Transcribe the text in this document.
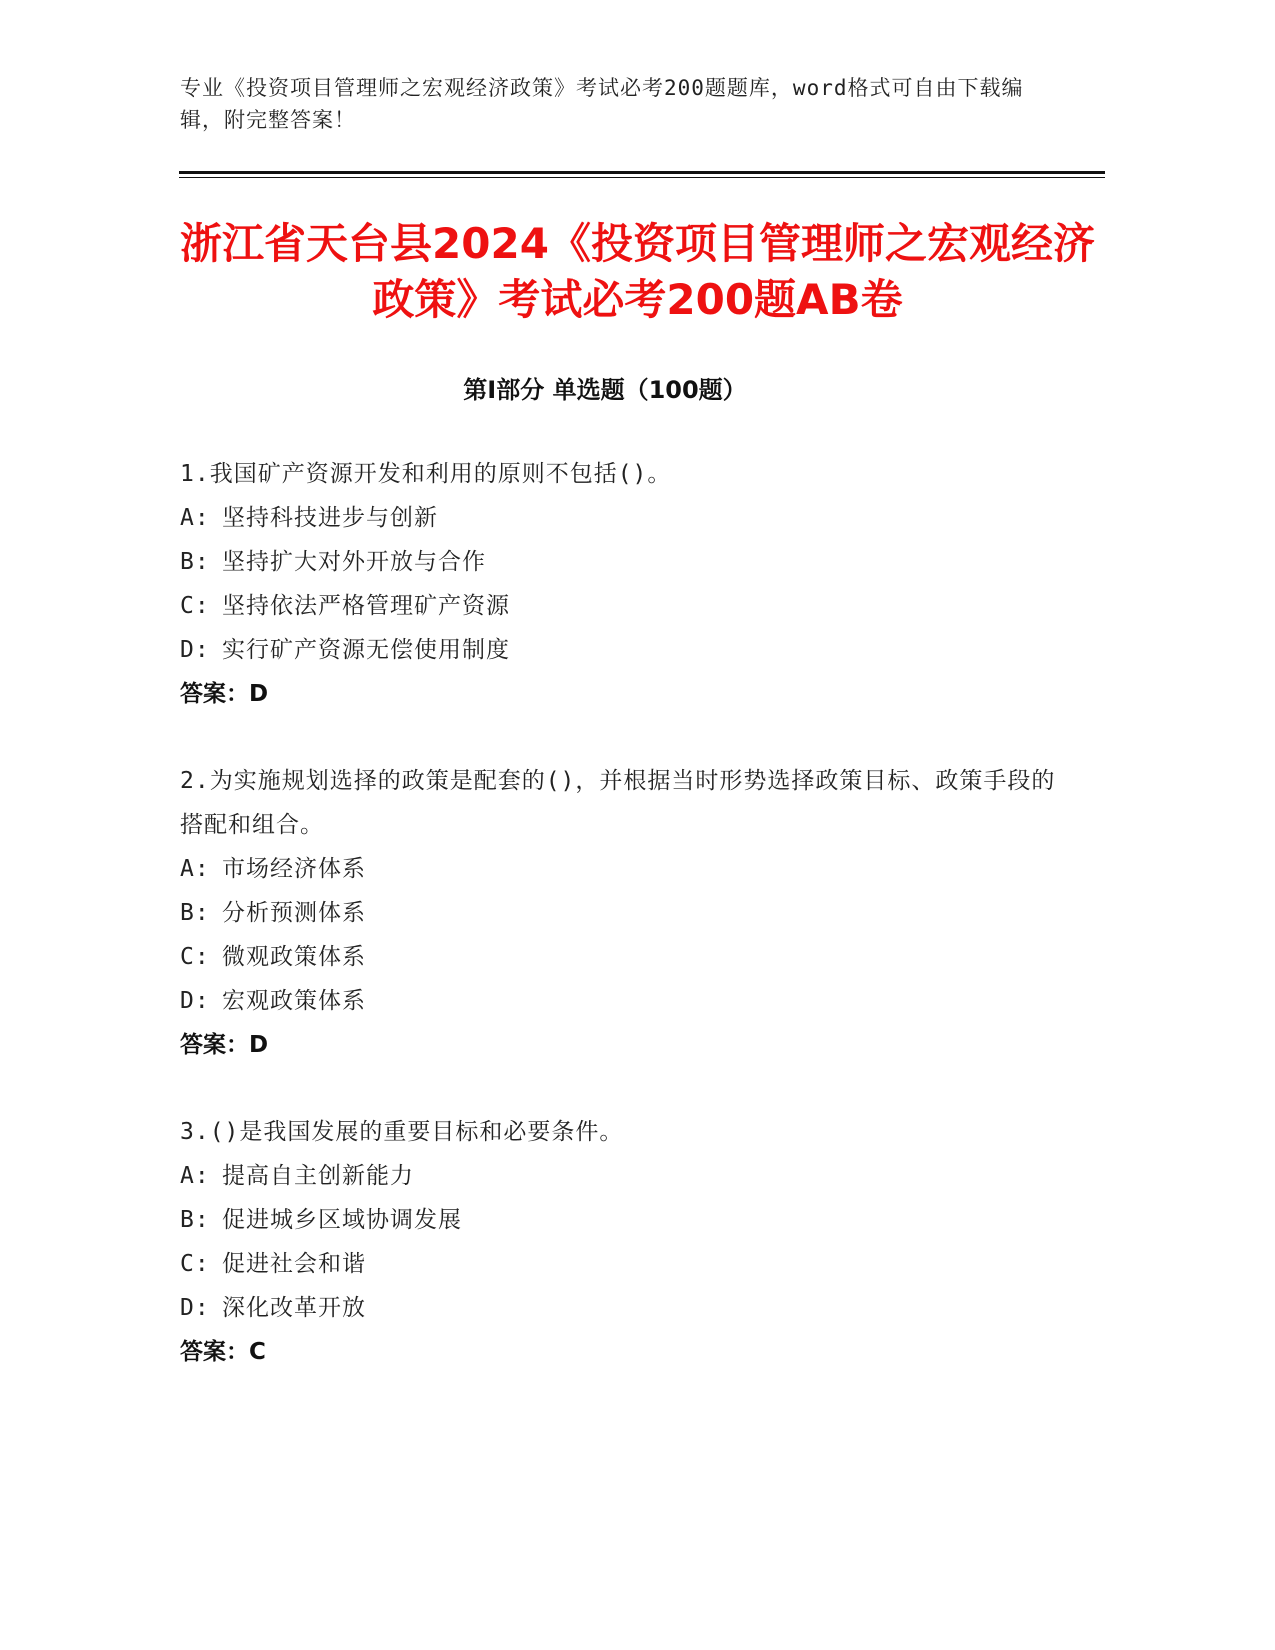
专业《投资项目管理师之宏观经济政策》考试必考200题题库，word格式可自由下载编辑，附完整答案！
浙江省天台县2024《投资项目管理师之宏观经济政策》考试必考200题AB卷
第Ⅰ部分 单选题（100题）
1.我国矿产资源开发和利用的原则不包括()。
A: 坚持科技进步与创新
B: 坚持扩大对外开放与合作
C: 坚持依法严格管理矿产资源
D: 实行矿产资源无偿使用制度
答案：D
2.为实施规划选择的政策是配套的()，并根据当时形势选择政策目标、政策手段的搭配和组合。
A: 市场经济体系
B: 分析预测体系
C: 微观政策体系
D: 宏观政策体系
答案：D
3.()是我国发展的重要目标和必要条件。
A: 提高自主创新能力
B: 促进城乡区域协调发展
C: 促进社会和谐
D: 深化改革开放
答案：C
